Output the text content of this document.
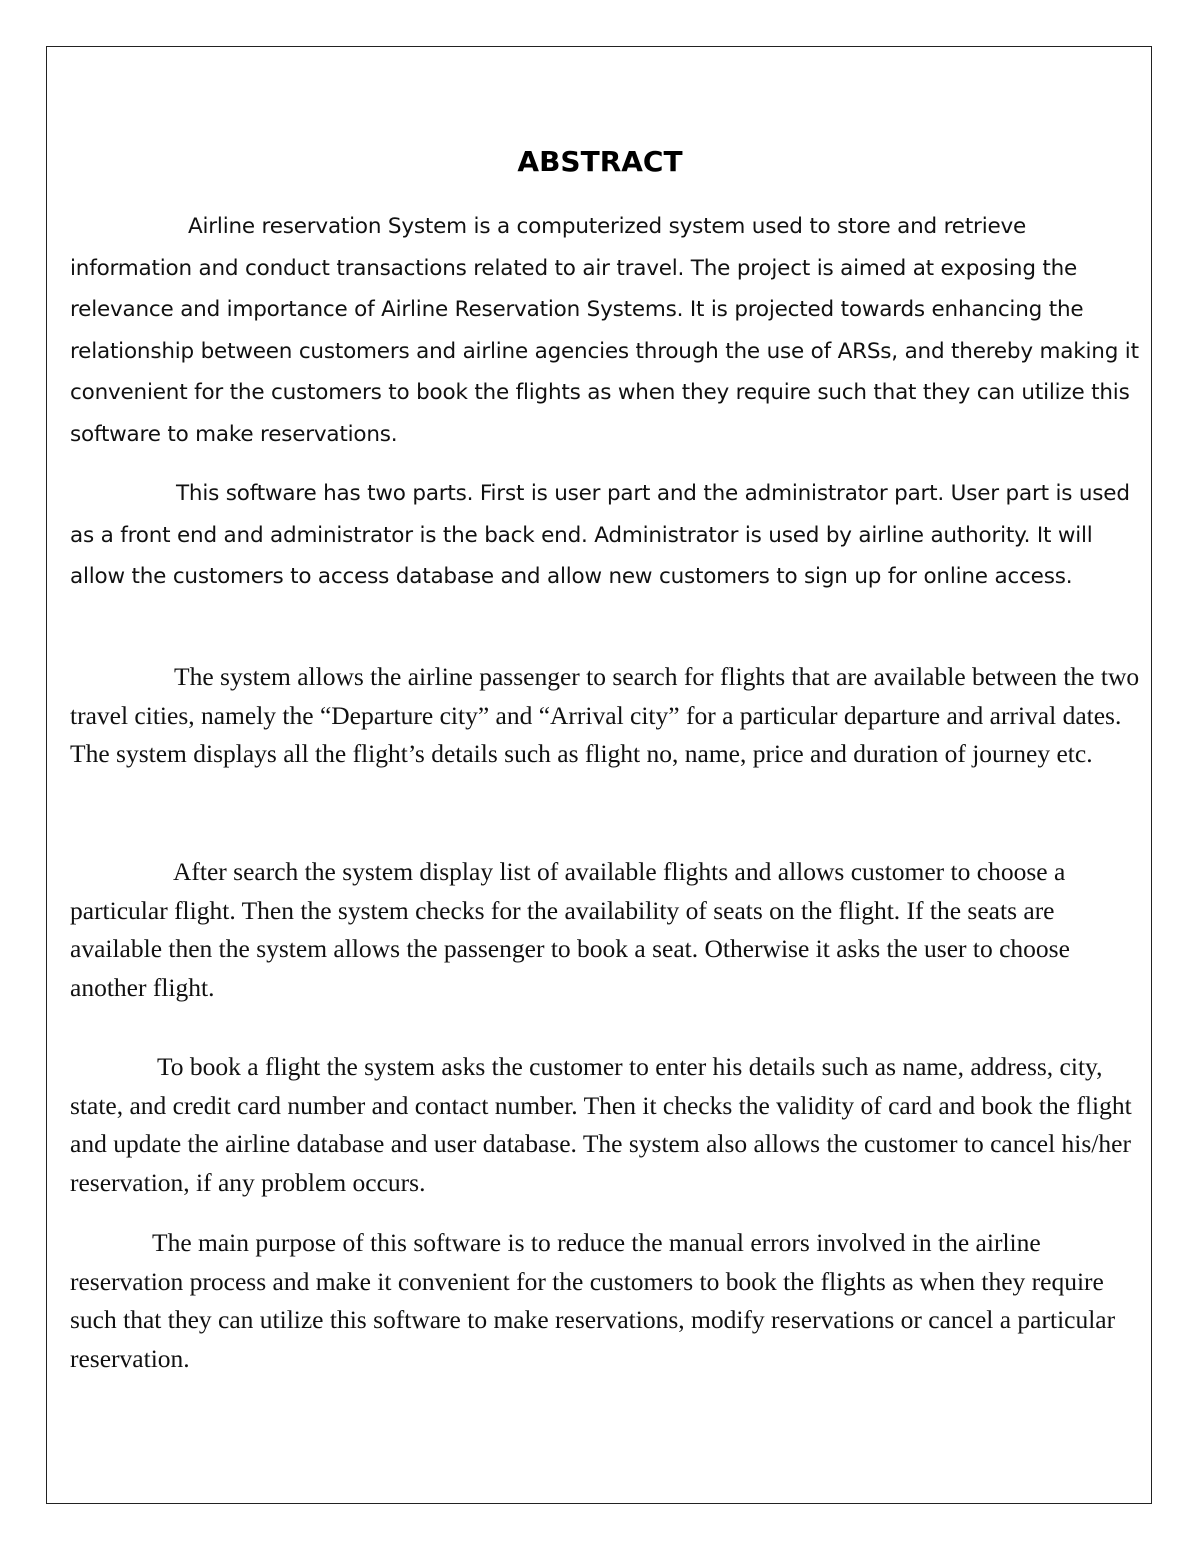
ABSTRACT

Airline reservation System is a computerized system used to store and retrieve information and conduct transactions related to air travel. The project is aimed at exposing the relevance and importance of Airline Reservation Systems. It is projected towards enhancing the relationship between customers and airline agencies through the use of ARSs, and thereby making it convenient for the customers to book the flights as when they require such that they can utilize this software to make reservations.

This software has two parts. First is user part and the administrator part. User part is used as a front end and administrator is the back end. Administrator is used by airline authority. It will allow the customers to access database and allow new customers to sign up for online access.

The system allows the airline passenger to search for flights that are available between the two travel cities, namely the “Departure city” and “Arrival city” for a particular departure and arrival dates. The system displays all the flight’s details such as flight no, name, price and duration of journey etc.

After search the system display list of available flights and allows customer to choose a particular flight. Then the system checks for the availability of seats on the flight. If the seats are available then the system allows the passenger to book a seat. Otherwise it asks the user to choose another flight.

To book a flight the system asks the customer to enter his details such as name, address, city, state, and credit card number and contact number. Then it checks the validity of card and book the flight and update the airline database and user database. The system also allows the customer to cancel his/her reservation, if any problem occurs.

The main purpose of this software is to reduce the manual errors involved in the airline reservation process and make it convenient for the customers to book the flights as when they require such that they can utilize this software to make reservations, modify reservations or cancel a particular reservation.
